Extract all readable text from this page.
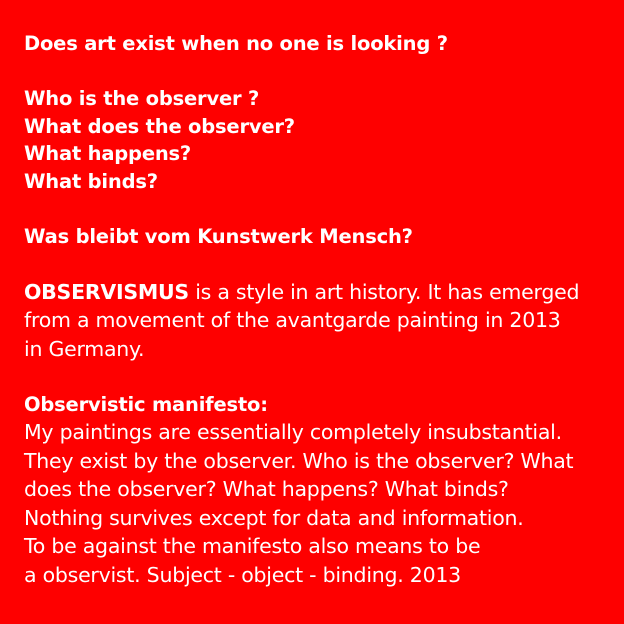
Does art exist when no one is looking ?
Who is the observer ?
What does the observer?
What happens?
What binds?
Was bleibt vom Kunstwerk Mensch?
OBSERVISMUS is a style in art history. It has emerged
from a movement of the avantgarde painting in 2013
in Germany.
Observistic manifesto:
My paintings are essentially completely insubstantial.
They exist by the observer. Who is the observer? What
does the observer? What happens? What binds?
Nothing survives except for data and information.
To be against the manifesto also means to be
a observist. Subject - object - binding. 2013
